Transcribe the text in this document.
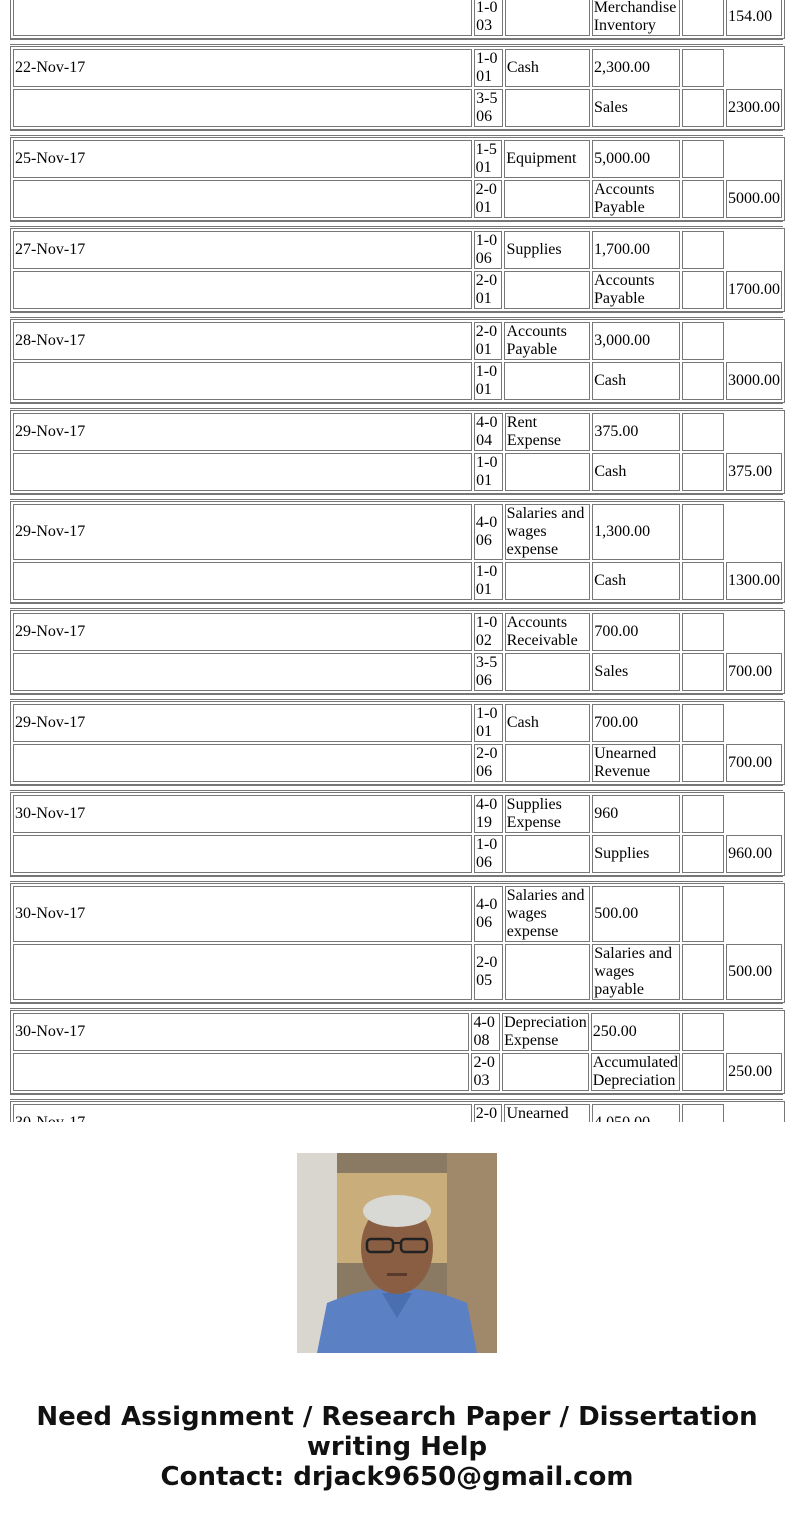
	1-003		Merchandise Inventory		154.00
22-Nov-17	1-001	Cash	2,300.00		
	3-506		Sales		2300.00
25-Nov-17	1-501	Equipment	5,000.00		
	2-001		Accounts Payable		5000.00
27-Nov-17	1-006	Supplies	1,700.00		
	2-001		Accounts Payable		1700.00
28-Nov-17	2-001	Accounts Payable	3,000.00		
	1-001		Cash		3000.00
29-Nov-17	4-004	Rent Expense	375.00		
	1-001		Cash		375.00
29-Nov-17	4-006	Salaries and wages expense	1,300.00		
	1-001		Cash		1300.00
29-Nov-17	1-002	Accounts Receivable	700.00		
	3-506		Sales		700.00
29-Nov-17	1-001	Cash	700.00		
	2-006		Unearned Revenue		700.00
30-Nov-17	4-019	Supplies Expense	960		
	1-006		Supplies		960.00
30-Nov-17	4-006	Salaries and wages expense	500.00		
	2-005		Salaries and wages payable		500.00
30-Nov-17	4-008	Depreciation Expense	250.00		
	2-003		Accumulated Depreciation		250.00
	2-0	Unearned			

Need Assignment / Research Paper / Dissertation
writing Help
Contact: drjack9650@gmail.com
